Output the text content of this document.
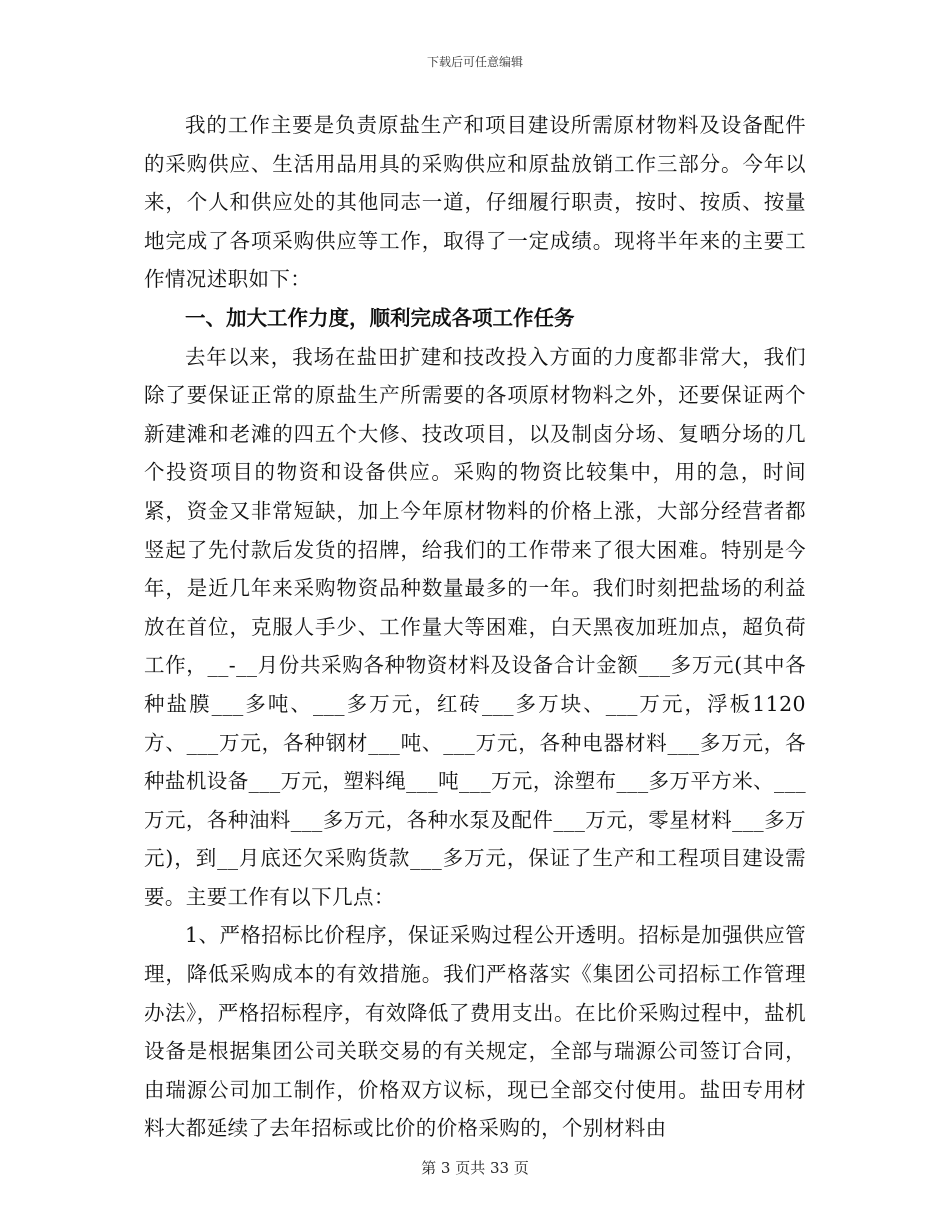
下载后可任意编辑

我的工作主要是负责原盐生产和项目建设所需原材物料及设备配件的采购供应、生活用品用具的采购供应和原盐放销工作三部分。今年以来，个人和供应处的其他同志一道，仔细履行职责，按时、按质、按量地完成了各项采购供应等工作，取得了一定成绩。现将半年来的主要工作情况述职如下：

一、加大工作力度，顺利完成各项工作任务

去年以来，我场在盐田扩建和技改投入方面的力度都非常大，我们除了要保证正常的原盐生产所需要的各项原材物料之外，还要保证两个新建滩和老滩的四五个大修、技改项目，以及制卤分场、复晒分场的几个投资项目的物资和设备供应。采购的物资比较集中，用的急，时间紧，资金又非常短缺，加上今年原材物料的价格上涨，大部分经营者都竖起了先付款后发货的招牌，给我们的工作带来了很大困难。特别是今年，是近几年来采购物资品种数量最多的一年。我们时刻把盐场的利益放在首位，克服人手少、工作量大等困难，白天黑夜加班加点，超负荷工作，__-__月份共采购各种物资材料及设备合计金额___多万元(其中各种盐膜___多吨、___多万元，红砖___多万块、___万元，浮板1120方、___万元，各种钢材___吨、___万元，各种电器材料___多万元，各种盐机设备___万元，塑料绳___吨___万元，涂塑布___多万平方米、___万元，各种油料___多万元，各种水泵及配件___万元，零星材料___多万元)，到__月底还欠采购货款___多万元，保证了生产和工程项目建设需要。主要工作有以下几点：

1、严格招标比价程序，保证采购过程公开透明。招标是加强供应管理，降低采购成本的有效措施。我们严格落实《集团公司招标工作管理办法》，严格招标程序，有效降低了费用支出。在比价采购过程中，盐机设备是根据集团公司关联交易的有关规定，全部与瑞源公司签订合同，由瑞源公司加工制作，价格双方议标，现已全部交付使用。盐田专用材料大都延续了去年招标或比价的价格采购的，个别材料由

第 3 页共 33 页
